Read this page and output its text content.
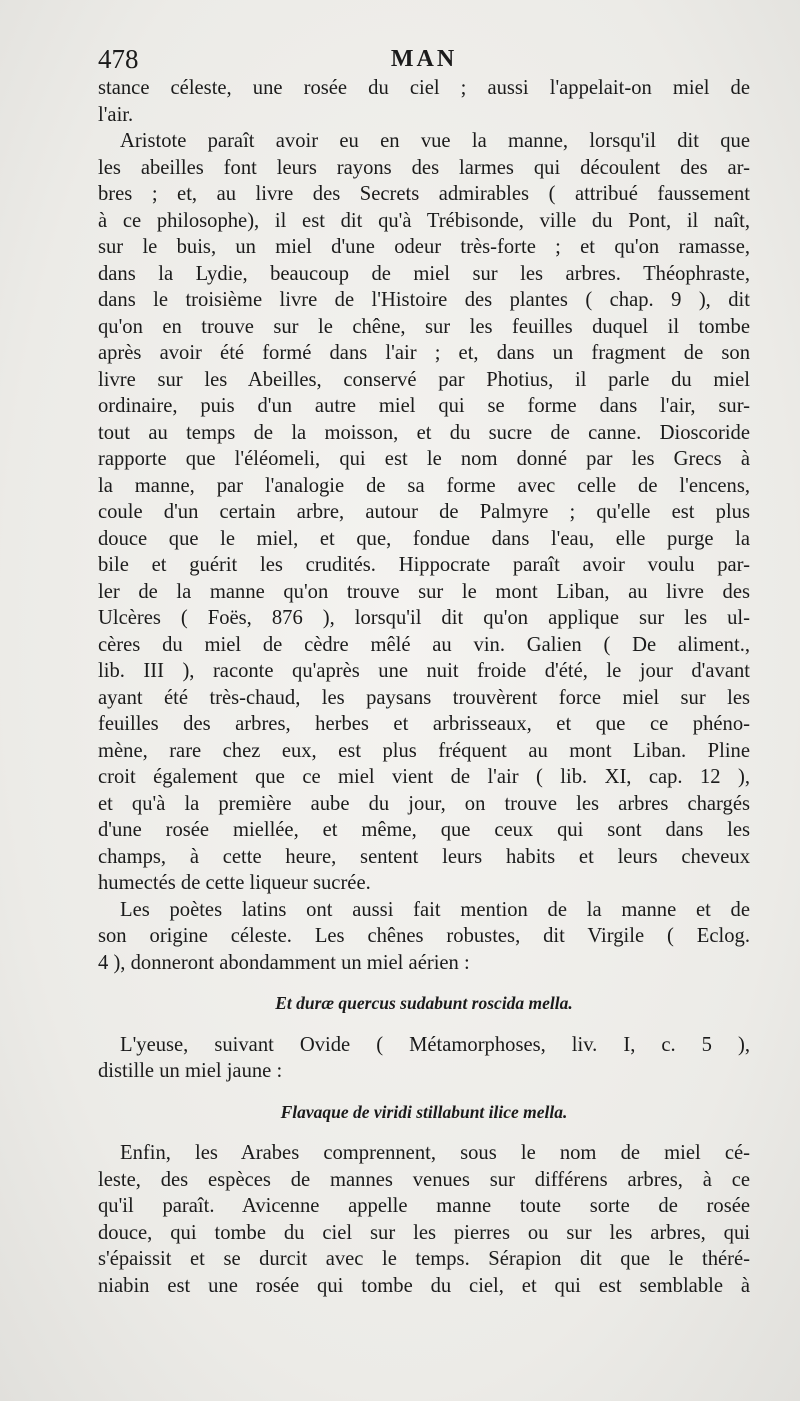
478	MAN
stance céleste, une rosée du ciel ; aussi l'appelait-on miel de
l'air.
Aristote paraît avoir eu en vue la manne, lorsqu'il dit que
les abeilles font leurs rayons des larmes qui découlent des ar-
bres ; et, au livre des Secrets admirables ( attribué faussement
à ce philosophe), il est dit qu'à Trébisonde, ville du Pont, il naît,
sur le buis, un miel d'une odeur très-forte ; et qu'on ramasse,
dans la Lydie, beaucoup de miel sur les arbres. Théophraste,
dans le troisième livre de l'Histoire des plantes ( chap. 9 ), dit
qu'on en trouve sur le chêne, sur les feuilles duquel il tombe
après avoir été formé dans l'air ; et, dans un fragment de son
livre sur les Abeilles, conservé par Photius, il parle du miel
ordinaire, puis d'un autre miel qui se forme dans l'air, sur-
tout au temps de la moisson, et du sucre de canne. Dioscoride
rapporte que l'éléomeli, qui est le nom donné par les Grecs à
la manne, par l'analogie de sa forme avec celle de l'encens,
coule d'un certain arbre, autour de Palmyre ; qu'elle est plus
douce que le miel, et que, fondue dans l'eau, elle purge la
bile et guérit les crudités. Hippocrate paraît avoir voulu par-
ler de la manne qu'on trouve sur le mont Liban, au livre des
Ulcères ( Foës, 876 ), lorsqu'il dit qu'on applique sur les ul-
cères du miel de cèdre mêlé au vin. Galien ( De aliment.,
lib. III ), raconte qu'après une nuit froide d'été, le jour d'avant
ayant été très-chaud, les paysans trouvèrent force miel sur les
feuilles des arbres, herbes et arbrisseaux, et que ce phéno-
mène, rare chez eux, est plus fréquent au mont Liban. Pline
croit également que ce miel vient de l'air ( lib. XI, cap. 12 ),
et qu'à la première aube du jour, on trouve les arbres chargés
d'une rosée miellée, et même, que ceux qui sont dans les
champs, à cette heure, sentent leurs habits et leurs cheveux
humectés de cette liqueur sucrée.
Les poètes latins ont aussi fait mention de la manne et de
son origine céleste. Les chênes robustes, dit Virgile ( Eclog.
4 ), donneront abondamment un miel aérien :
Et duræ quercus sudabunt roscida mella.
L'yeuse, suivant Ovide ( Métamorphoses, liv. I, c. 5 ),
distille un miel jaune :
Flavaque de viridi stillabunt ilice mella.
Enfin, les Arabes comprennent, sous le nom de miel cé-
leste, des espèces de mannes venues sur différens arbres, à ce
qu'il paraît. Avicenne appelle manne toute sorte de rosée
douce, qui tombe du ciel sur les pierres ou sur les arbres, qui
s'épaissit et se durcit avec le temps. Sérapion dit que le théré-
niabin est une rosée qui tombe du ciel, et qui est semblable à
